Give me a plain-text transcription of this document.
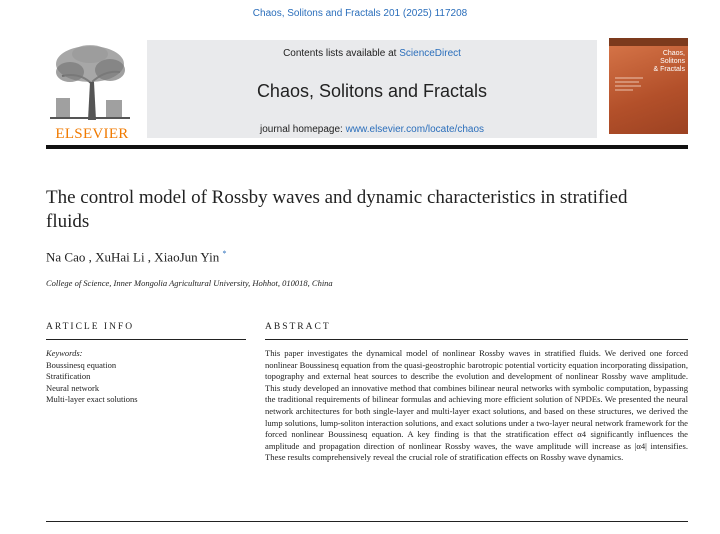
Chaos, Solitons and Fractals 201 (2025) 117208
ELSEVIER
Contents lists available at ScienceDirect
Chaos, Solitons and Fractals
journal homepage: www.elsevier.com/locate/chaos
Chaos,
Solitons
& Fractals
The control model of Rossby waves and dynamic characteristics in stratified fluids
Na Cao , XuHai Li , XiaoJun Yin *
College of Science, Inner Mongolia Agricultural University, Hohhot, 010018, China
ARTICLE INFO	ABSTRACT
Keywords:
Boussinesq equation
Stratification
Neural network
Multi-layer exact solutions

This paper investigates the dynamical model of nonlinear Rossby waves in stratified fluids. We derived one forced nonlinear Boussinesq equation from the quasi-geostrophic barotropic potential vorticity equation incorporating dissipation, topography and external heat sources to describe the evolution and development of nonlinear Rossby wave amplitude. This study developed an innovative method that combines bilinear neural networks with symbolic computation, bypassing the traditional requirements of bilinear formulas and achieving more efficient solution of NPDEs. We presented the neural network architectures for both single-layer and multi-layer exact solutions, and based on these structures, we derived the lump solutions, lump-soliton interaction solutions, and exact solutions under a two-layer neural network framework for the forced nonlinear Boussinesq equation. A key finding is that the stratification effect α4 significantly influences the amplitude and propagation direction of nonlinear Rossby waves, the wave amplitude will increase as |α4| intensifies. These results comprehensively reveal the crucial role of stratification effects on Rossby wave dynamics.
